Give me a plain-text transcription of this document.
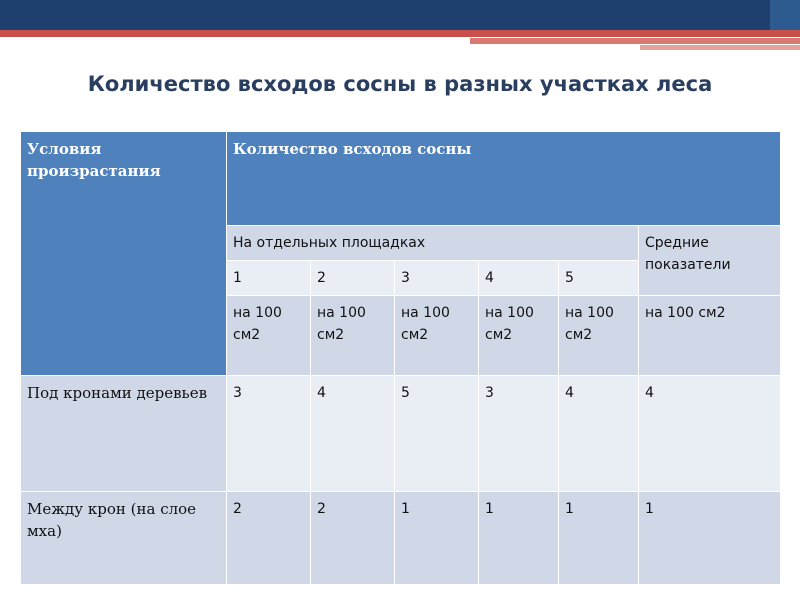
Количество всходов сосны в разных участках леса
Условия произрастания	Количество всходов сосны					
	На отдельных площадках					Средние показатели
	1	2	3	4	5	
	на 100 см2	на 100 см2	на 100 см2	на 100 см2	на 100 см2	на 100 см2
Под кронами деревьев	3	4	5	3	4	4
Между крон (на слое мха)	2	2	1	1	1	1
